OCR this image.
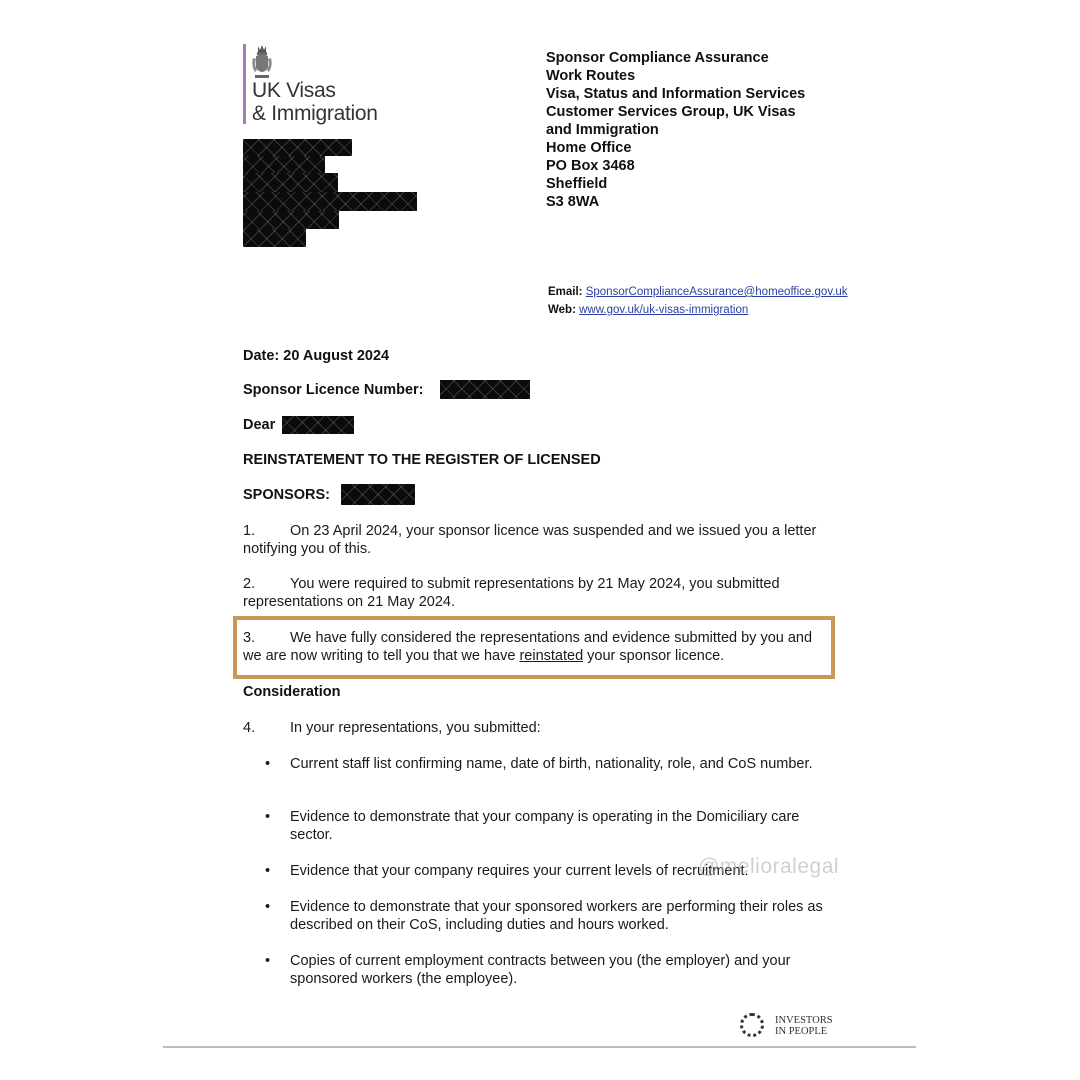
UK Visas
& Immigration
Sponsor Compliance Assurance
Work Routes
Visa, Status and Information Services
Customer Services Group, UK Visas
and Immigration
Home Office
PO Box 3468
Sheffield
S3 8WA
Email: SponsorComplianceAssurance@homeoffice.gov.uk
Web: www.gov.uk/uk-visas-immigration
Date: 20 August 2024
Sponsor Licence Number:
Dear
REINSTATEMENT TO THE REGISTER OF LICENSED
SPONSORS:
1. On 23 April 2024, your sponsor licence was suspended and we issued you a letter notifying you of this.
2. You were required to submit representations by 21 May 2024, you submitted representations on 21 May 2024.
3. We have fully considered the representations and evidence submitted by you and we are now writing to tell you that we have reinstated your sponsor licence.
Consideration
4. In your representations, you submitted:
• Current staff list confirming name, date of birth, nationality, role, and CoS number.
• Evidence to demonstrate that your company is operating in the Domiciliary care sector.
• Evidence that your company requires your current levels of recruitment.
• Evidence to demonstrate that your sponsored workers are performing their roles as described on their CoS, including duties and hours worked.
• Copies of current employment contracts between you (the employer) and your sponsored workers (the employee).
@melioralegal
INVESTORS
IN PEOPLE
